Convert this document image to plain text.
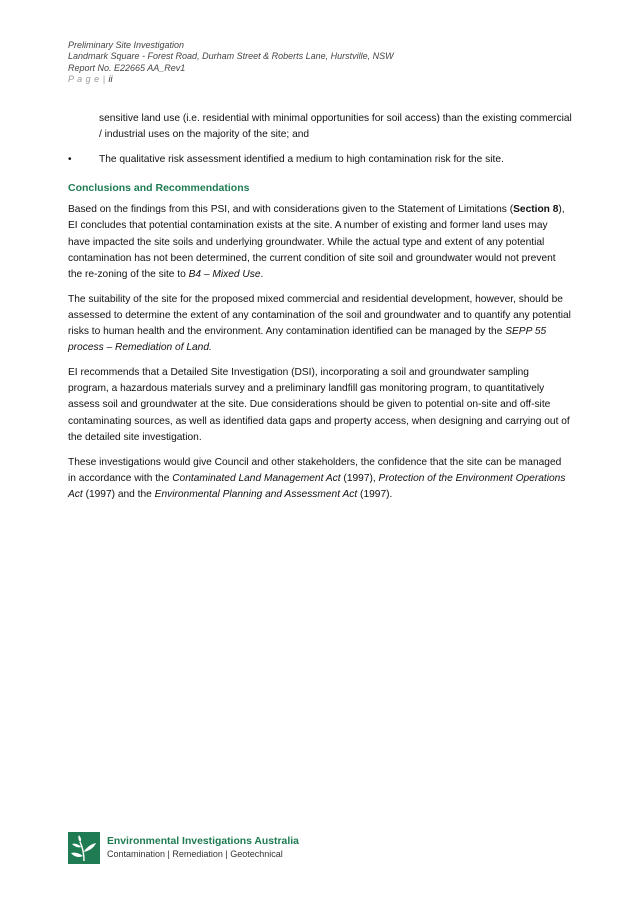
Preliminary Site Investigation
Landmark Square - Forest Road, Durham Street & Roberts Lane, Hurstville, NSW
Report No. E22665 AA_Rev1
P a g e | ii
sensitive land use (i.e. residential with minimal opportunities for soil access) than the existing commercial / industrial uses on the majority of the site; and
•	The qualitative risk assessment identified a medium to high contamination risk for the site.
Conclusions and Recommendations

Based on the findings from this PSI, and with considerations given to the Statement of Limitations (Section 8), EI concludes that potential contamination exists at the site. A number of existing and former land uses may have impacted the site soils and underlying groundwater. While the actual type and extent of any potential contamination has not been determined, the current condition of site soil and groundwater would not prevent the re-zoning of the site to B4 – Mixed Use.

The suitability of the site for the proposed mixed commercial and residential development, however, should be assessed to determine the extent of any contamination of the soil and groundwater and to quantify any potential risks to human health and the environment. Any contamination identified can be managed by the SEPP 55 process – Remediation of Land.

EI recommends that a Detailed Site Investigation (DSI), incorporating a soil and groundwater sampling program, a hazardous materials survey and a preliminary landfill gas monitoring program, to quantitatively assess soil and groundwater at the site. Due considerations should be given to potential on-site and off-site contaminating sources, as well as identified data gaps and property access, when designing and carrying out of the detailed site investigation.

These investigations would give Council and other stakeholders, the confidence that the site can be managed in accordance with the Contaminated Land Management Act (1997), Protection of the Environment Operations Act (1997) and the Environmental Planning and Assessment Act (1997).

Environmental Investigations Australia
Contamination | Remediation | Geotechnical
